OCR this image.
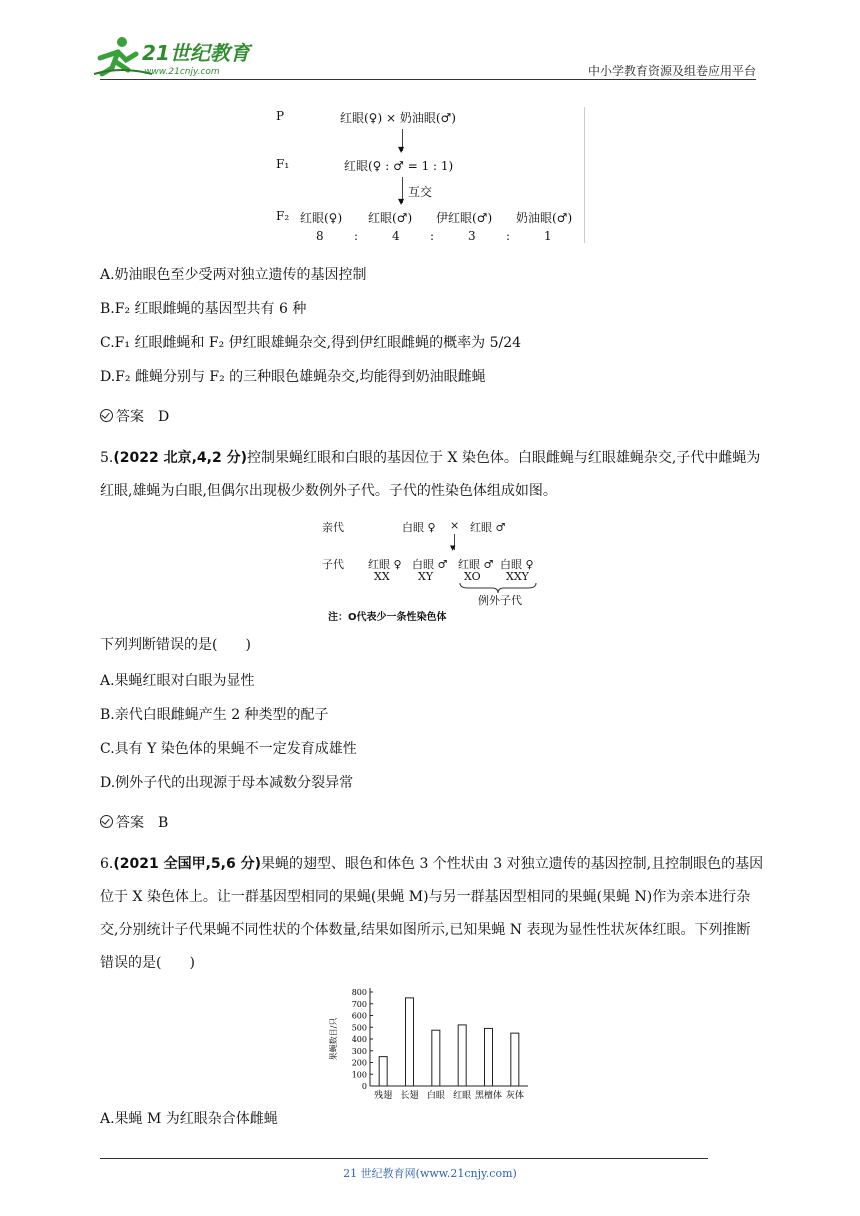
21世纪教育
www.21cnjy.com	中小学教育资源及组卷应用平台
P	红眼(♀) × 奶油眼(♂)
▼
F₁	红眼(♀ : ♂ = 1 : 1)
▼
互交
F₂ 红眼(♀) 红眼(♂) 伊红眼(♂) 奶油眼(♂)
8	:	4	:	3	:	1
A.奶油眼色至少受两对独立遗传的基因控制
B.F₂ 红眼雌蝇的基因型共有 6 种
C.F₁ 红眼雌蝇和 F₂ 伊红眼雄蝇杂交,得到伊红眼雌蝇的概率为 5/24
D.F₂ 雌蝇分别与 F₂ 的三种眼色雄蝇杂交,均能得到奶油眼雌蝇
答案 D
5.(2022 北京,4,2 分)控制果蝇红眼和白眼的基因位于 X 染色体。白眼雌蝇与红眼雄蝇杂交,子代中雌蝇为红眼,雄蝇为白眼,但偶尔出现极少数例外子代。子代的性染色体组成如图。
亲代	白眼 ♀ × 红眼 ♂
▼
子代 红眼 ♀ 白眼 ♂ 红眼 ♂ 白眼 ♀
XX	XY	XO XXY
例外子代
注：O代表少一条性染色体
下列判断错误的是(　　)
A.果蝇红眼对白眼为显性
B.亲代白眼雌蝇产生 2 种类型的配子
C.具有 Y 染色体的果蝇不一定发育成雄性
D.例外子代的出现源于母本减数分裂异常
答案 B
6.(2021 全国甲,5,6 分)果蝇的翅型、眼色和体色 3 个性状由 3 对独立遗传的基因控制,且控制眼色的基因位于 X 染色体上。让一群基因型相同的果蝇(果蝇 M)与另一群基因型相同的果蝇(果蝇 N)作为亲本进行杂交,分别统计子代果蝇不同性状的个体数量,结果如图所示,已知果蝇 N 表现为显性性状灰体红眼。下列推断错误的是(　　)
0
100
200
300
400
500
600
700
800
果蝇数目/只
残翅 长翅 白眼 红眼 黑檀体 灰体
A.果蝇 M 为红眼杂合体雌蝇
21 世纪教育网(www.21cnjy.com)
